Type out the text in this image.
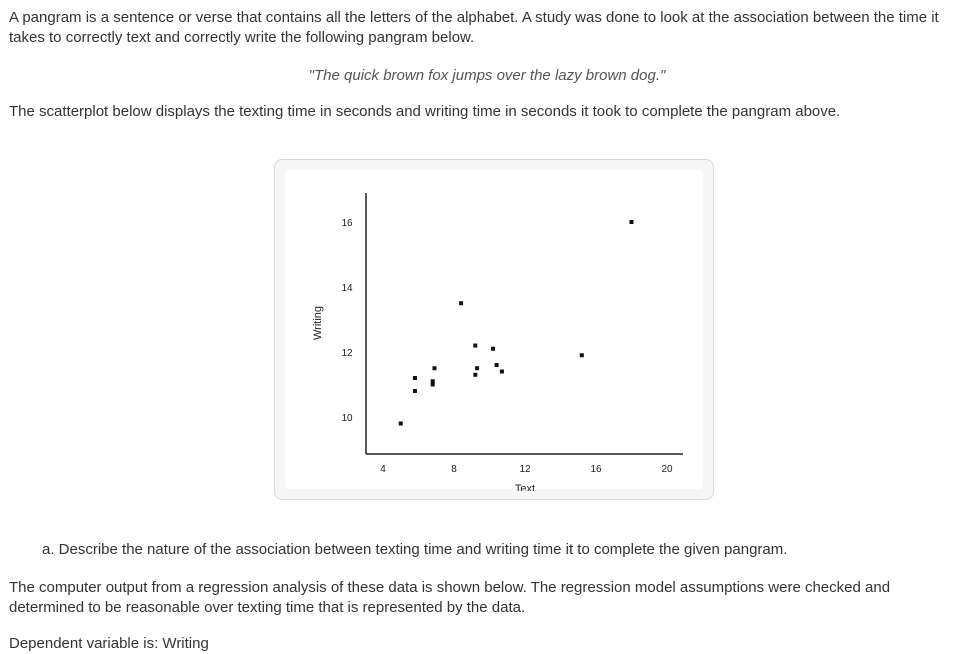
A pangram is a sentence or verse that contains all the letters of the alphabet. A study was done to look at the association between the time it takes to correctly text and correctly write the following pangram below.

"The quick brown fox jumps over the lazy brown dog."

The scatterplot below displays the texting time in seconds and writing time in seconds it took to complete the pangram above.

10
12
14
16
4	8	12	16	20
Text
Writing

a. Describe the nature of the association between texting time and writing time it to complete the given pangram.

The computer output from a regression analysis of these data is shown below. The regression model assumptions were checked and determined to be reasonable over texting time that is represented by the data.

Dependent variable is: Writing
